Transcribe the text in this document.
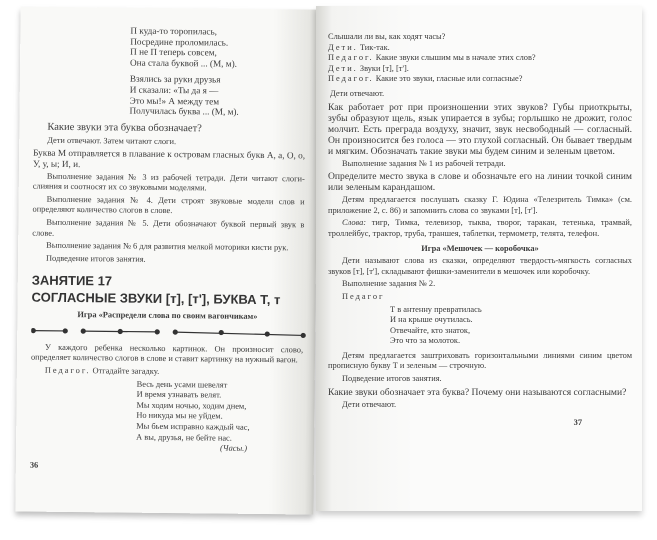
П куда-то торопилась,
Посредине проломилась.
П не П теперь совсем,
Она стала буквой ... (М, м).
Взялись за руки друзья
И сказали: «Ты да я —
Это мы!» А между тем
Получилась буква ... (М, м).

Какие звуки эта буква обозначает?

Дети отвечают. Затем читают слоги.

Буква М отправляется в плавание к островам гласных букв А, а, О, о, У, у, ы; И, и.

Выполнение задания № 3 из рабочей тетради. Дети читают слоги-слияния и соотносят их со звуковыми моделями.

Выполнение задания № 4. Дети строят звуковые модели слов и определяют количество слогов в слове.

Выполнение задания № 5. Дети обозначают буквой первый звук в слове.

Выполнение задания № 6 для развития мелкой моторики кисти рук.

Подведение итогов занятия.

ЗАНЯТИЕ 17
СОГЛАСНЫЕ ЗВУКИ [т], [т'], БУКВА Т, т
Игра «Распредели слова по своим вагончикам»

У каждого ребенка несколько картинок. Он произносит слово, определяет количество слогов в слове и ставит картинку на нужный вагон.

Педагог. Отгадайте загадку.

Весь день усами шевелят
И время узнавать велят.
Мы ходим ночью, ходим днем,
Но никуда мы не уйдем.
Мы бьем исправно каждый час,
А вы, друзья, не бейте нас.
(Часы.)
36
Слышали ли вы, как ходят часы?
Дети. Тик-так.
Педагог. Какие звуки слышим мы в начале этих слов?
Дети. Звуки [т], [т'].
Педагог. Какие это звуки, гласные или согласные?

Дети отвечают.

Как работает рот при произношении этих звуков? Губы приоткрыты, зубы образуют щель, язык упирается в зубы; горлышко не дрожит, голос молчит. Есть преграда воздуху, значит, звук несвободный — согласный. Он произносится без голоса — это глухой согласный. Он бывает твердым и мягким. Обозначать такие звуки мы будем синим и зеленым цветом.

Выполнение задания № 1 из рабочей тетради.

Определите место звука в слове и обозначьте его на линии точкой синим или зеленым карандашом.

Детям предлагается послушать сказку Г. Юдина «Телезритель Тимка» (см. приложение 2, с. 86) и запомнить слова со звуками [т], [т'].

Слова: тигр, Тимка, телевизор, тыква, творог, таракан, тетенька, трамвай, троллейбус, трактор, труба, траншея, таблетки, термометр, телята, телефон.

Игра «Мешочек — коробочка»

Дети называют слова из сказки, определяют твердость-мягкость согласных звуков [т], [т'], складывают фишки-заменители в мешочек или коробочку.

Выполнение задания № 2.

Педагог

Т в антенну превратилась
И на крыше очутилась.
Отвечайте, кто знаток,
Это что за молоток.

Детям предлагается заштриховать горизонтальными линиями синим цветом прописную букву Т и зеленым — строчную.

Подведение итогов занятия.

Какие звуки обозначает эта буква? Почему они называются согласными?

Дети отвечают.

37
